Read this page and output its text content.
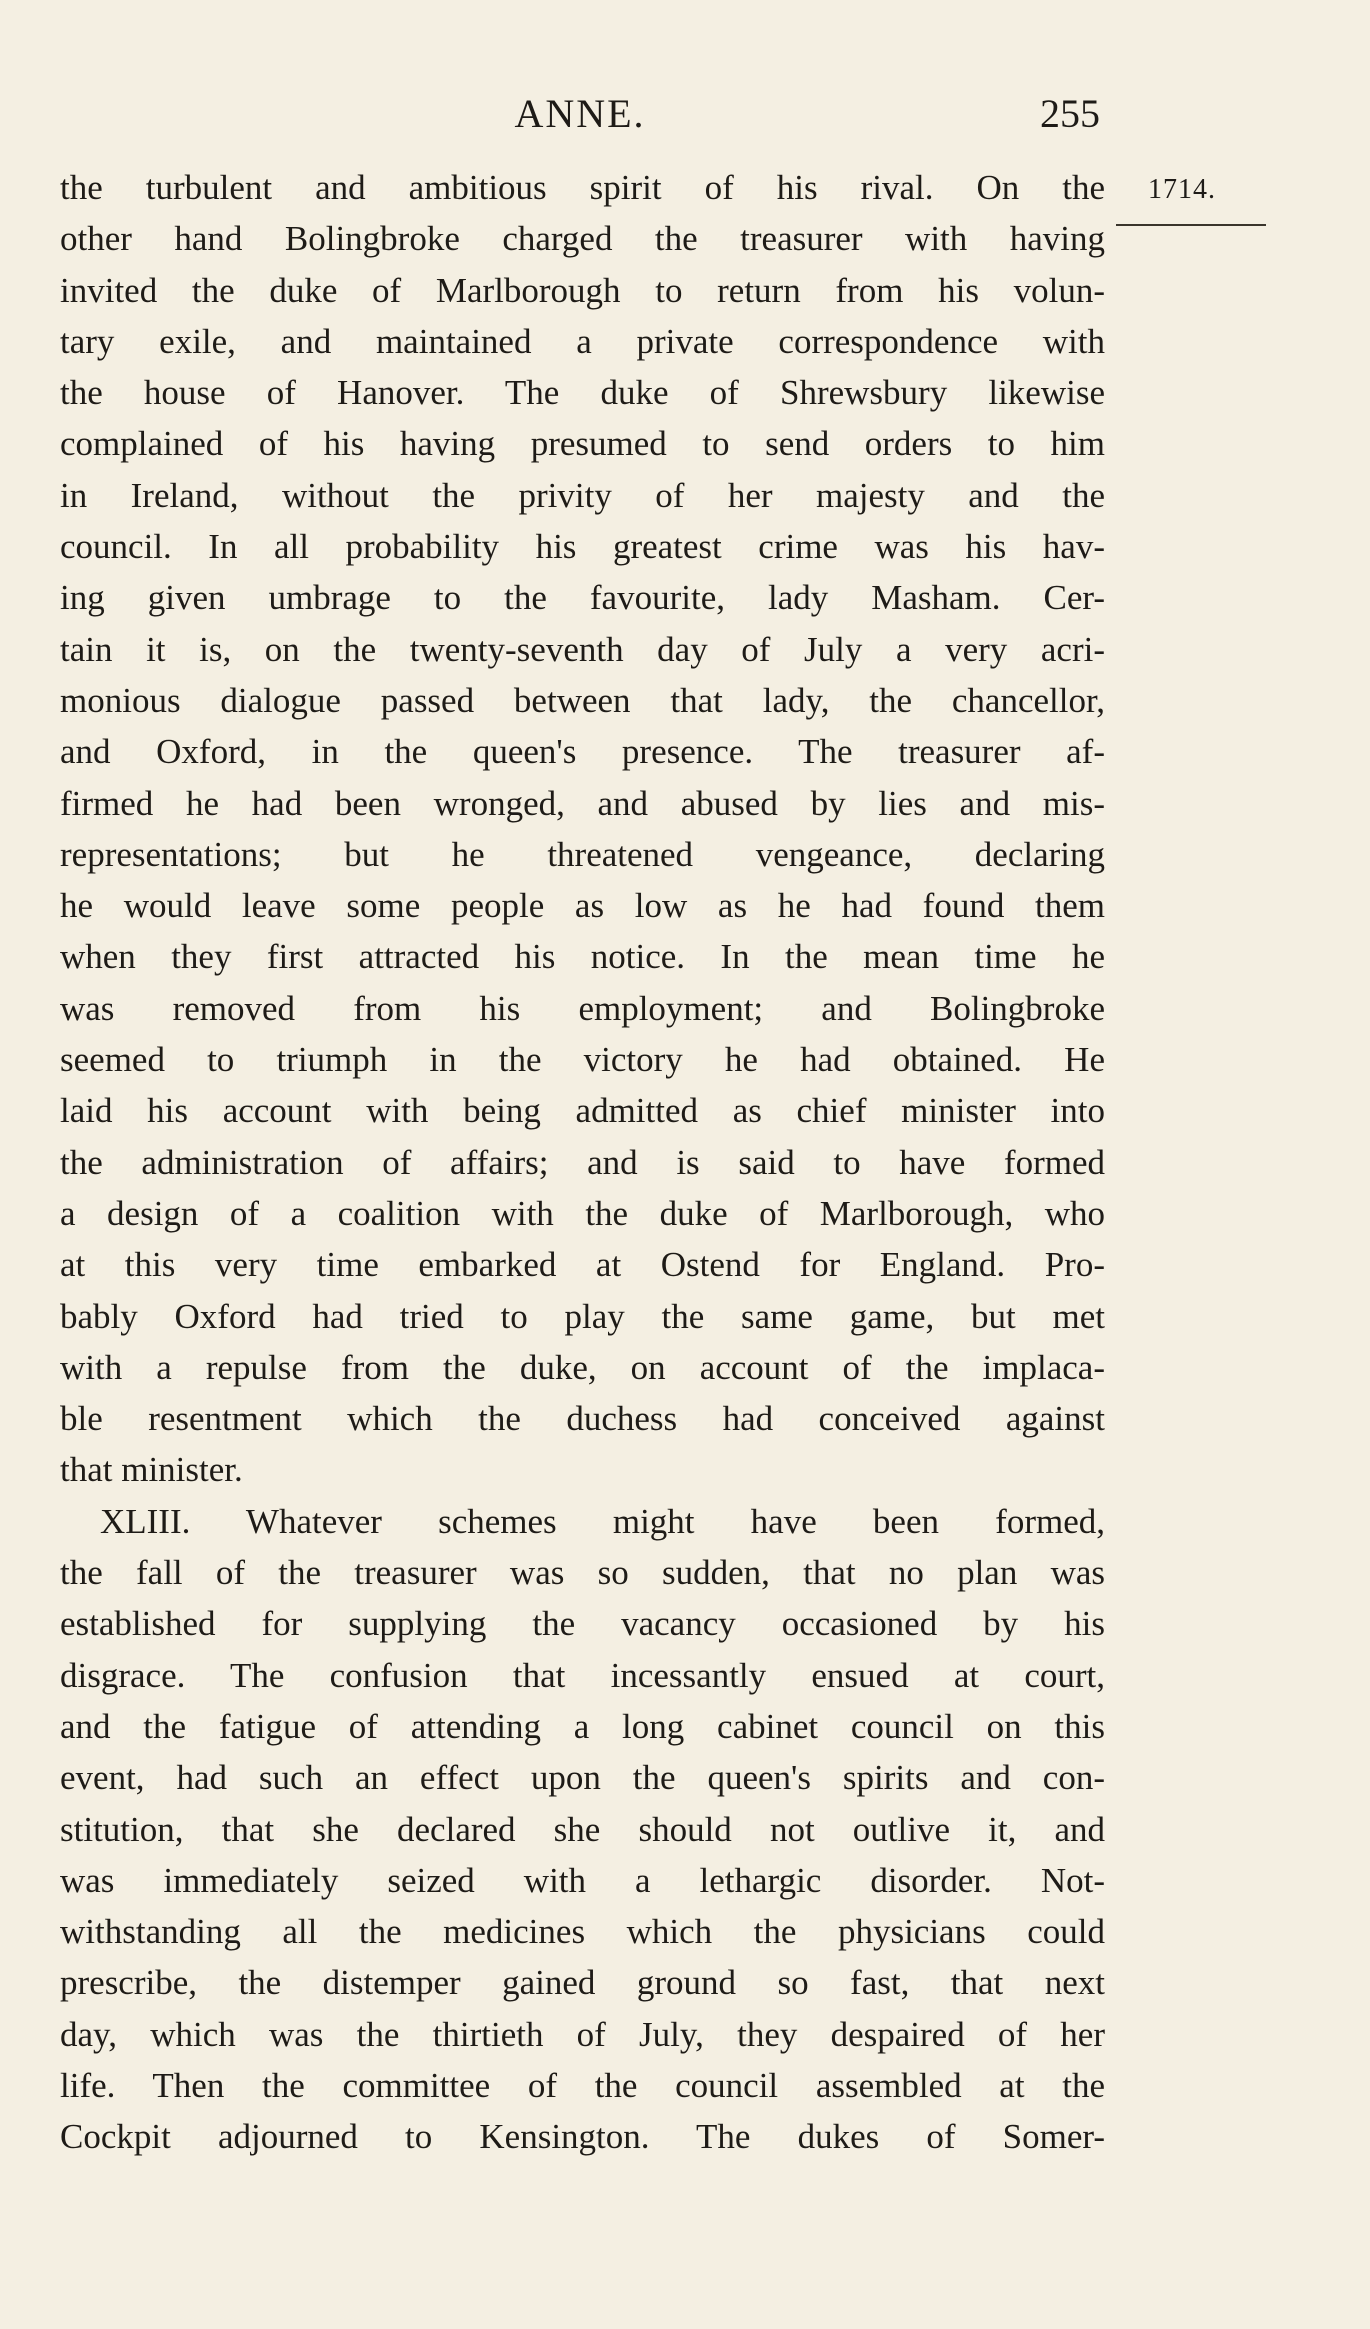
ANNE.	255
1714.
the turbulent and ambitious spirit of his rival. On the
other hand Bolingbroke charged the treasurer with having
invited the duke of Marlborough to return from his volun-
tary exile, and maintained a private correspondence with
the house of Hanover. The duke of Shrewsbury likewise
complained of his having presumed to send orders to him
in Ireland, without the privity of her majesty and the
council. In all probability his greatest crime was his hav-
ing given umbrage to the favourite, lady Masham. Cer-
tain it is, on the twenty-seventh day of July a very acri-
monious dialogue passed between that lady, the chancellor,
and Oxford, in the queen's presence. The treasurer af-
firmed he had been wronged, and abused by lies and mis-
representations; but he threatened vengeance, declaring
he would leave some people as low as he had found them
when they first attracted his notice. In the mean time he
was removed from his employment; and Bolingbroke
seemed to triumph in the victory he had obtained. He
laid his account with being admitted as chief minister into
the administration of affairs; and is said to have formed
a design of a coalition with the duke of Marlborough, who
at this very time embarked at Ostend for England. Pro-
bably Oxford had tried to play the same game, but met
with a repulse from the duke, on account of the implaca-
ble resentment which the duchess had conceived against
that minister.
XLIII. Whatever schemes might have been formed,
the fall of the treasurer was so sudden, that no plan was
established for supplying the vacancy occasioned by his
disgrace. The confusion that incessantly ensued at court,
and the fatigue of attending a long cabinet council on this
event, had such an effect upon the queen's spirits and con-
stitution, that she declared she should not outlive it, and
was immediately seized with a lethargic disorder. Not-
withstanding all the medicines which the physicians could
prescribe, the distemper gained ground so fast, that next
day, which was the thirtieth of July, they despaired of her
life. Then the committee of the council assembled at the
Cockpit adjourned to Kensington. The dukes of Somer-
